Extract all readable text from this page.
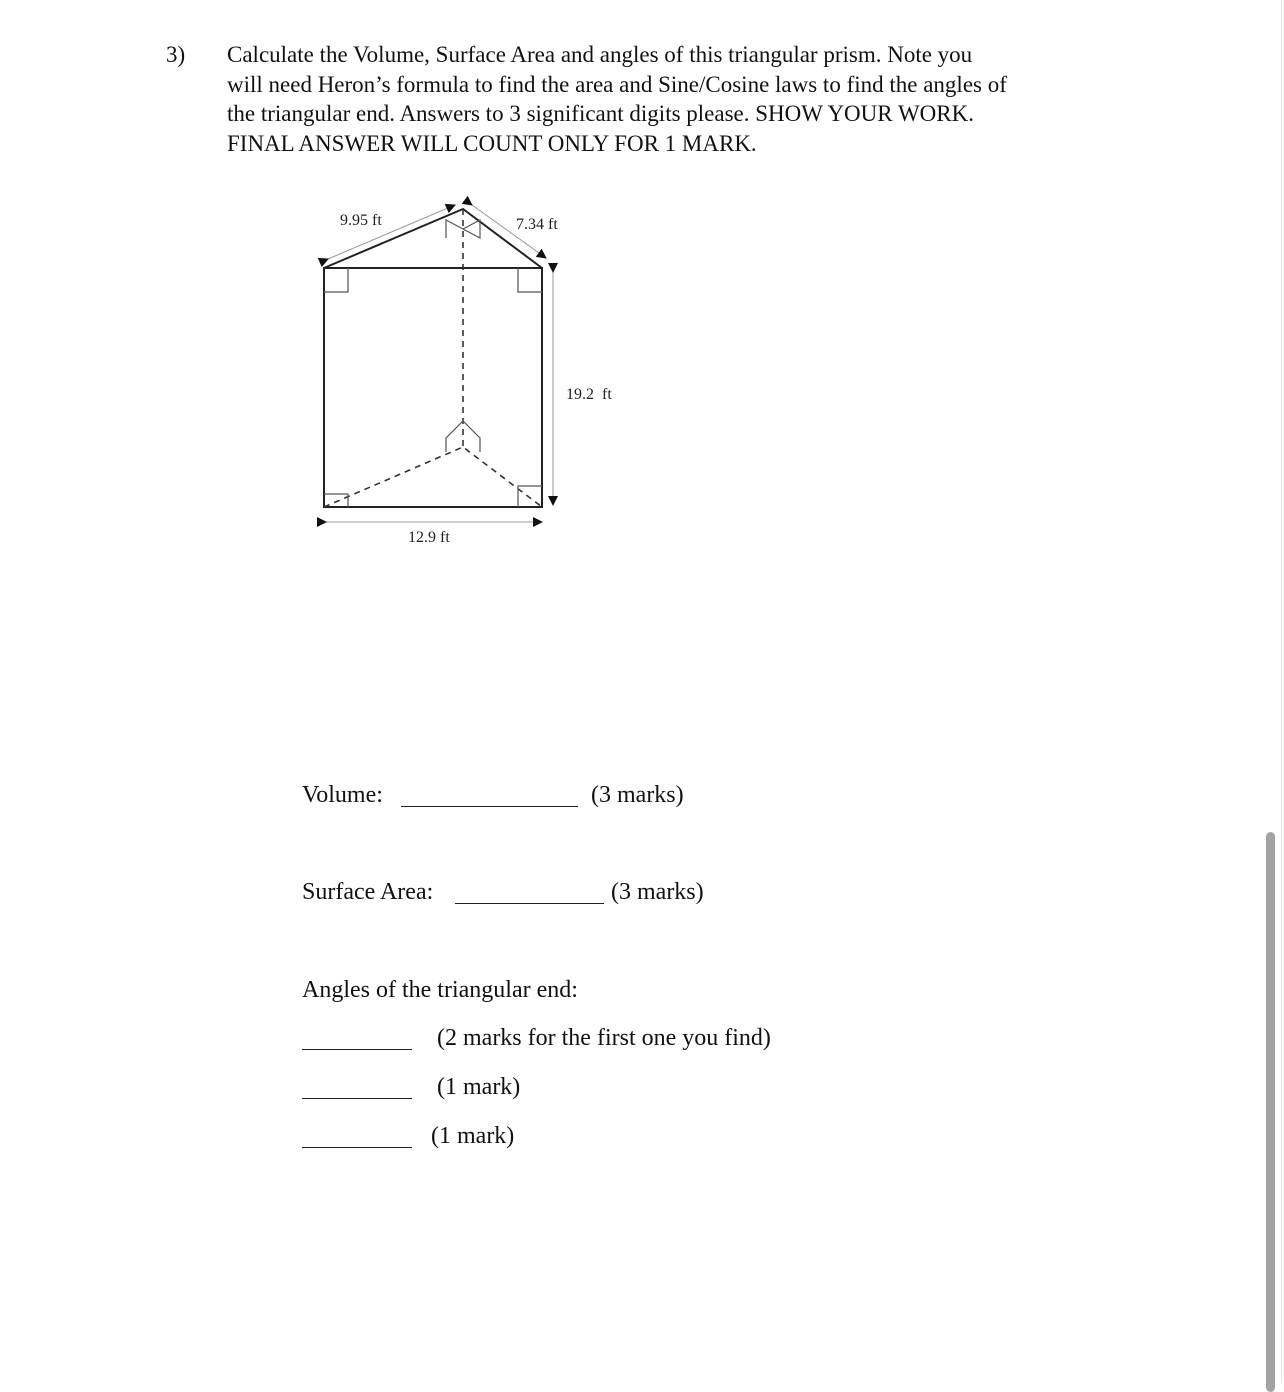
3) Calculate the Volume, Surface Area and angles of this triangular prism. Note you
will need Heron’s formula to find the area and Sine/Cosine laws to find the angles of
the triangular end. Answers to 3 significant digits please. SHOW YOUR WORK.
FINAL ANSWER WILL COUNT ONLY FOR 1 MARK.
9.95 ft	7.34 ft
19.2  ft
12.9 ft
Volume:	(3 marks)
Surface Area:	(3 marks)
Angles of the triangular end:
(2 marks for the first one you find)
(1 mark)
(1 mark)
